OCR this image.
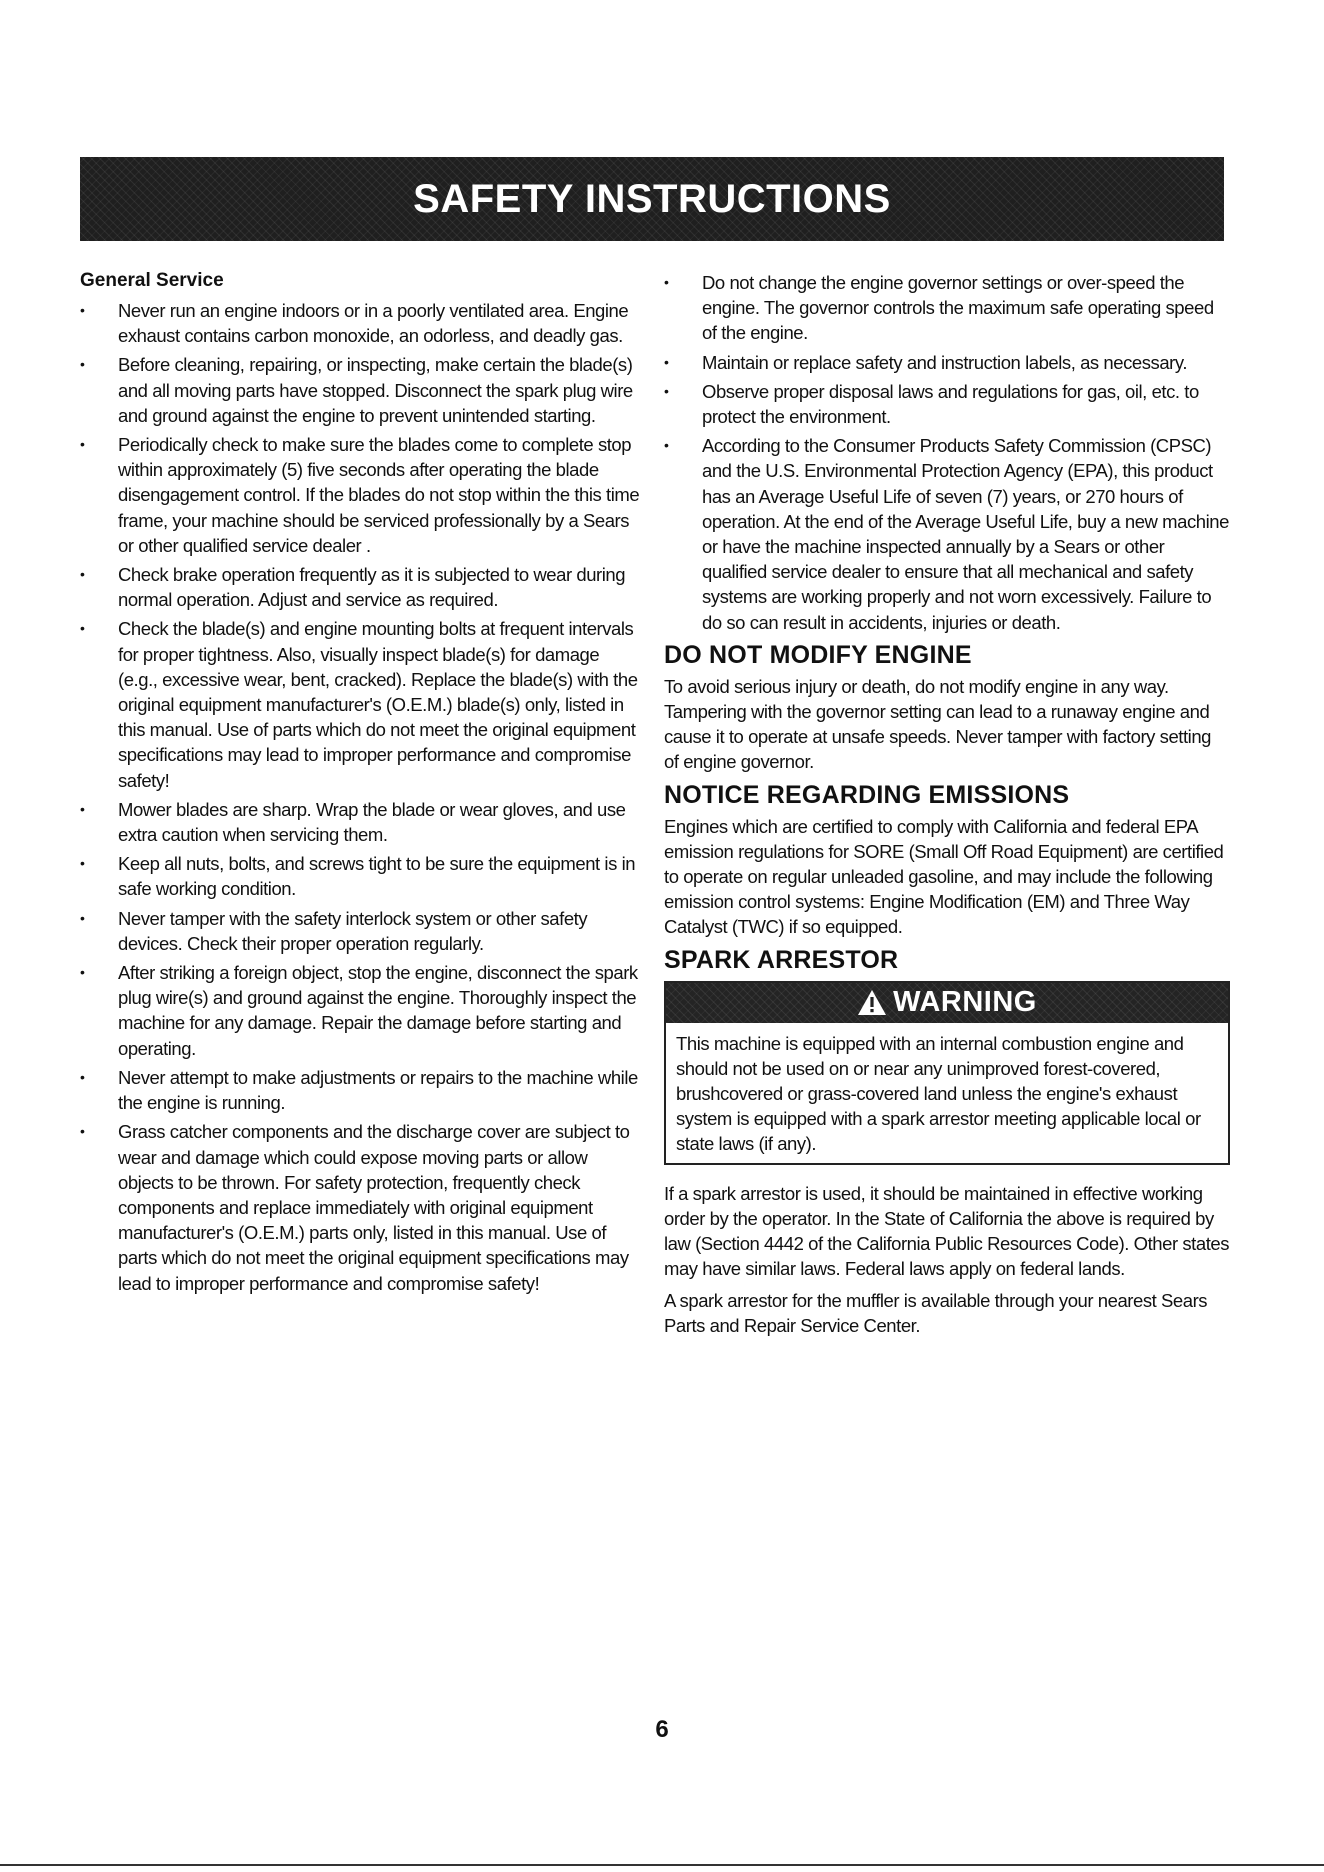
SAFETY INSTRUCTIONS
General Service
• Never run an engine indoors or in a poorly ventilated area. Engine exhaust contains carbon monoxide, an odorless, and deadly gas.
• Before cleaning, repairing, or inspecting, make certain the blade(s) and all moving parts have stopped. Disconnect the spark plug wire and ground against the engine to prevent unintended starting.
• Periodically check to make sure the blades come to complete stop within approximately (5) five seconds after operating the blade disengagement control. If the blades do not stop within the this time frame, your machine should be serviced professionally by a Sears or other qualified service dealer .
• Check brake operation frequently as it is subjected to wear during normal operation. Adjust and service as required.
• Check the blade(s) and engine mounting bolts at frequent intervals for proper tightness. Also, visually inspect blade(s) for damage (e.g., excessive wear, bent, cracked). Replace the blade(s) with the original equipment manufacturer's (O.E.M.) blade(s) only, listed in this manual. Use of parts which do not meet the original equipment specifications may lead to improper performance and compromise safety!
• Mower blades are sharp. Wrap the blade or wear gloves, and use extra caution when servicing them.
• Keep all nuts, bolts, and screws tight to be sure the equipment is in safe working condition.
• Never tamper with the safety interlock system or other safety devices. Check their proper operation regularly.
• After striking a foreign object, stop the engine, disconnect the spark plug wire(s) and ground against the engine. Thoroughly inspect the machine for any damage. Repair the damage before starting and operating.
• Never attempt to make adjustments or repairs to the machine while the engine is running.
• Grass catcher components and the discharge cover are subject to wear and damage which could expose moving parts or allow objects to be thrown. For safety protection, frequently check components and replace immediately with original equipment manufacturer's (O.E.M.) parts only, listed in this manual. Use of parts which do not meet the original equipment specifications may lead to improper performance and compromise safety!
• Do not change the engine governor settings or over-speed the engine. The governor controls the maximum safe operating speed of the engine.
• Maintain or replace safety and instruction labels, as necessary.
• Observe proper disposal laws and regulations for gas, oil, etc. to protect the environment.
• According to the Consumer Products Safety Commission (CPSC) and the U.S. Environmental Protection Agency (EPA), this product has an Average Useful Life of seven (7) years, or 270 hours of operation. At the end of the Average Useful Life, buy a new machine or have the machine inspected annually by a Sears or other qualified service dealer to ensure that all mechanical and safety systems are working properly and not worn excessively. Failure to do so can result in accidents, injuries or death.
DO NOT MODIFY ENGINE

To avoid serious injury or death, do not modify engine in any way. Tampering with the governor setting can lead to a runaway engine and cause it to operate at unsafe speeds. Never tamper with factory setting of engine governor.

NOTICE REGARDING EMISSIONS

Engines which are certified to comply with California and federal EPA emission regulations for SORE (Small Off Road Equipment) are certified to operate on regular unleaded gasoline, and may include the following emission control systems: Engine Modification (EM) and Three Way Catalyst (TWC) if so equipped.

SPARK ARRESTOR
WARNING
This machine is equipped with an internal combustion engine and should not be used on or near any unimproved forest-covered, brushcovered or grass-covered land unless the engine's exhaust system is equipped with a spark arrestor meeting applicable local or state laws (if any).

If a spark arrestor is used, it should be maintained in effective working order by the operator. In the State of California the above is required by law (Section 4442 of the California Public Resources Code). Other states may have similar laws. Federal laws apply on federal lands.

A spark arrestor for the muffler is available through your nearest Sears Parts and Repair Service Center.

6
